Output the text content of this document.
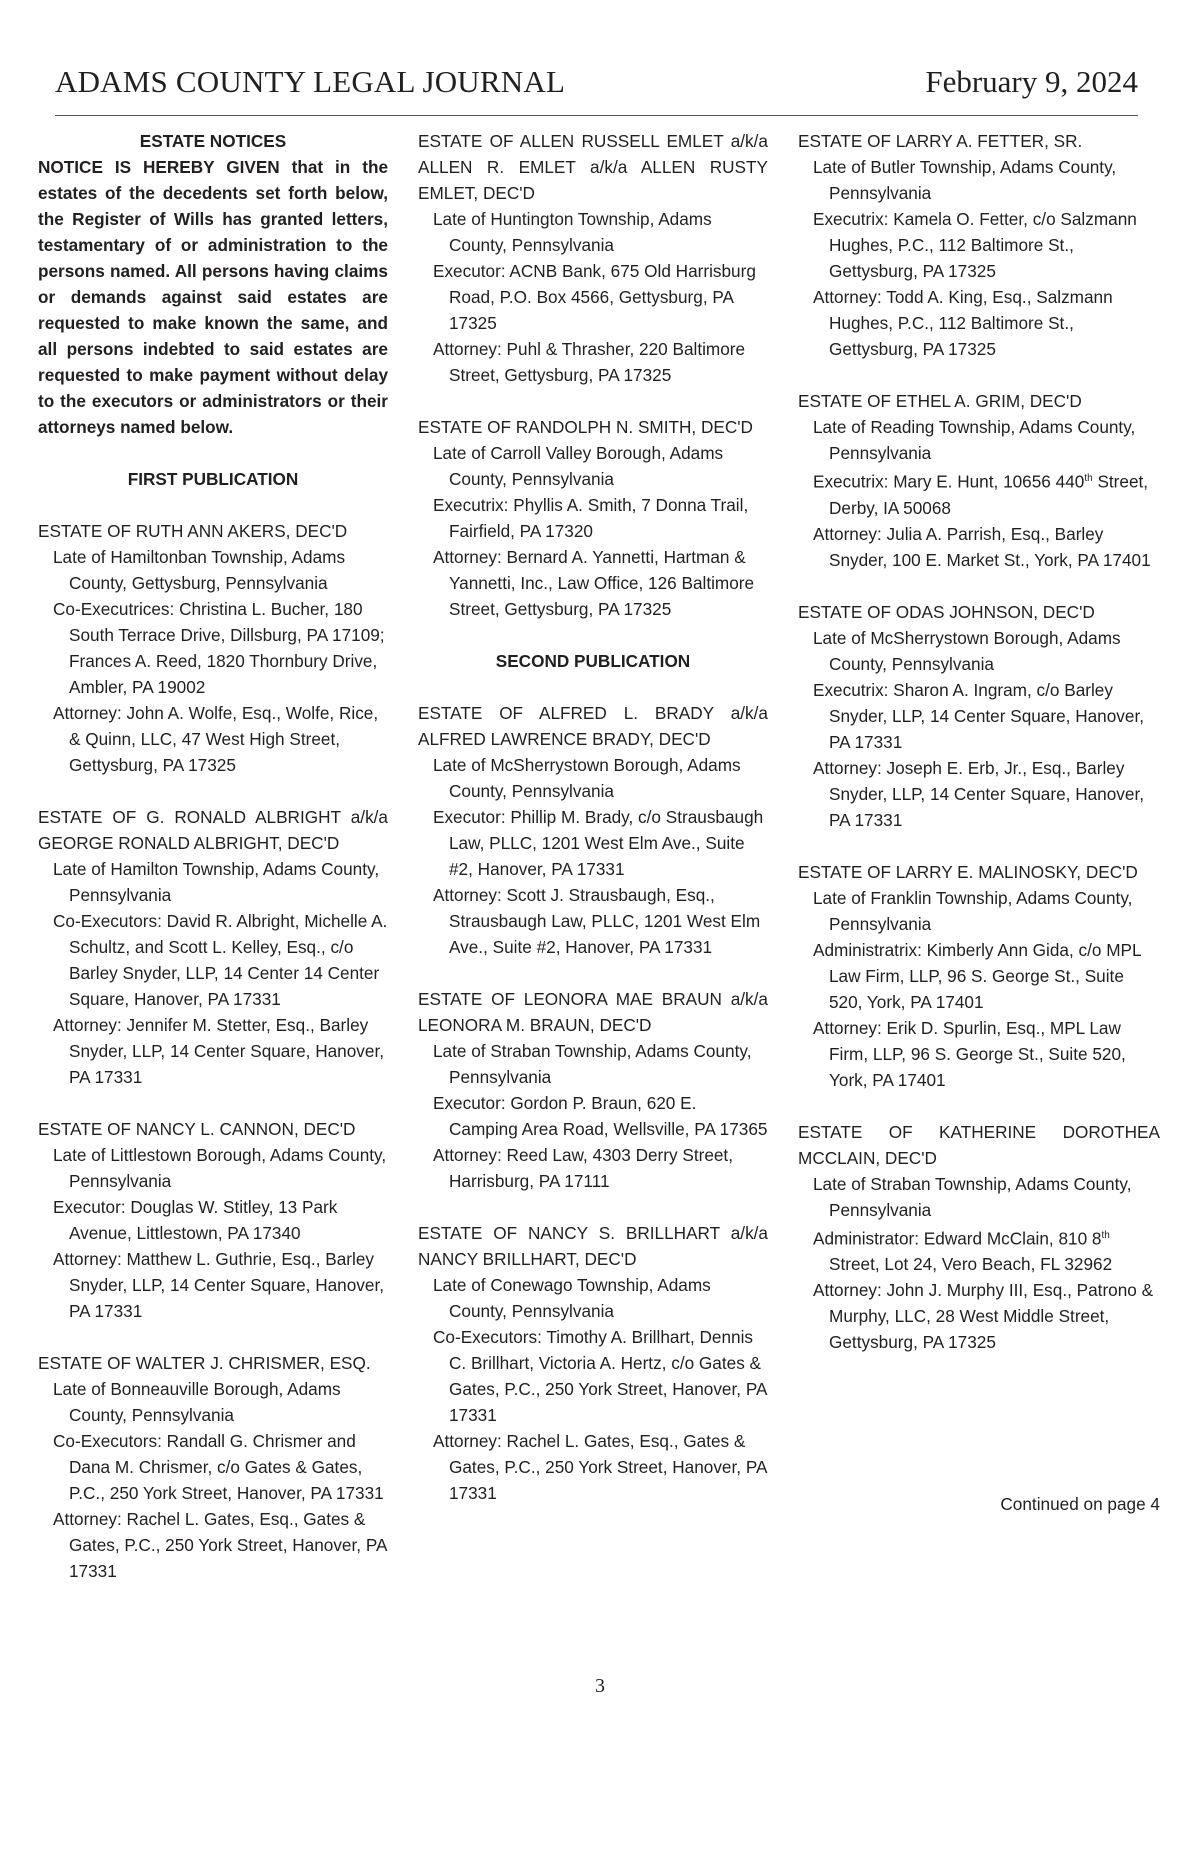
ADAMS COUNTY LEGAL JOURNAL	February 9, 2024
ESTATE NOTICES
NOTICE IS HEREBY GIVEN that in the estates of the decedents set forth below, the Register of Wills has granted letters, testamentary of or administration to the persons named. All persons having claims or demands against said estates are requested to make known the same, and all persons indebted to said estates are requested to make payment without delay to the executors or administrators or their attorneys named below.
FIRST PUBLICATION
ESTATE OF RUTH ANN AKERS, DEC'D
Late of Hamiltonban Township, Adams County, Gettysburg, Pennsylvania
Co-Executrices: Christina L. Bucher, 180 South Terrace Drive, Dillsburg, PA 17109; Frances A. Reed, 1820 Thornbury Drive, Ambler, PA 19002
Attorney: John A. Wolfe, Esq., Wolfe, Rice, & Quinn, LLC, 47 West High Street, Gettysburg, PA 17325
ESTATE OF G. RONALD ALBRIGHT a/k/a GEORGE RONALD ALBRIGHT, DEC'D
Late of Hamilton Township, Adams County, Pennsylvania
Co-Executors: David R. Albright, Michelle A. Schultz, and Scott L. Kelley, Esq., c/o Barley Snyder, LLP, 14 Center 14 Center Square, Hanover, PA 17331
Attorney: Jennifer M. Stetter, Esq., Barley Snyder, LLP, 14 Center Square, Hanover, PA 17331
ESTATE OF NANCY L. CANNON, DEC'D
Late of Littlestown Borough, Adams County, Pennsylvania
Executor: Douglas W. Stitley, 13 Park Avenue, Littlestown, PA 17340
Attorney: Matthew L. Guthrie, Esq., Barley Snyder, LLP, 14 Center Square, Hanover, PA 17331
ESTATE OF WALTER J. CHRISMER, ESQ.
Late of Bonneauville Borough, Adams County, Pennsylvania
Co-Executors: Randall G. Chrismer and Dana M. Chrismer, c/o Gates & Gates, P.C., 250 York Street, Hanover, PA 17331
Attorney: Rachel L. Gates, Esq., Gates & Gates, P.C., 250 York Street, Hanover, PA 17331
ESTATE OF ALLEN RUSSELL EMLET a/k/a ALLEN R. EMLET a/k/a ALLEN RUSTY EMLET, DEC'D
Late of Huntington Township, Adams County, Pennsylvania
Executor: ACNB Bank, 675 Old Harrisburg Road, P.O. Box 4566, Gettysburg, PA 17325
Attorney: Puhl & Thrasher, 220 Baltimore Street, Gettysburg, PA 17325
ESTATE OF RANDOLPH N. SMITH, DEC'D
Late of Carroll Valley Borough, Adams County, Pennsylvania
Executrix: Phyllis A. Smith, 7 Donna Trail, Fairfield, PA 17320
Attorney: Bernard A. Yannetti, Hartman & Yannetti, Inc., Law Office, 126 Baltimore Street, Gettysburg, PA 17325
SECOND PUBLICATION
ESTATE OF ALFRED L. BRADY a/k/a ALFRED LAWRENCE BRADY, DEC'D
Late of McSherrystown Borough, Adams County, Pennsylvania
Executor: Phillip M. Brady, c/o Strausbaugh Law, PLLC, 1201 West Elm Ave., Suite #2, Hanover, PA 17331
Attorney: Scott J. Strausbaugh, Esq., Strausbaugh Law, PLLC, 1201 West Elm Ave., Suite #2, Hanover, PA 17331
ESTATE OF LEONORA MAE BRAUN a/k/a LEONORA M. BRAUN, DEC'D
Late of Straban Township, Adams County, Pennsylvania
Executor: Gordon P. Braun, 620 E. Camping Area Road, Wellsville, PA 17365
Attorney: Reed Law, 4303 Derry Street, Harrisburg, PA 17111
ESTATE OF NANCY S. BRILLHART a/k/a NANCY BRILLHART, DEC'D
Late of Conewago Township, Adams County, Pennsylvania
Co-Executors: Timothy A. Brillhart, Dennis C. Brillhart, Victoria A. Hertz, c/o Gates & Gates, P.C., 250 York Street, Hanover, PA 17331
Attorney: Rachel L. Gates, Esq., Gates & Gates, P.C., 250 York Street, Hanover, PA 17331
ESTATE OF LARRY A. FETTER, SR.
Late of Butler Township, Adams County, Pennsylvania
Executrix: Kamela O. Fetter, c/o Salzmann Hughes, P.C., 112 Baltimore St., Gettysburg, PA 17325
Attorney: Todd A. King, Esq., Salzmann Hughes, P.C., 112 Baltimore St., Gettysburg, PA 17325
ESTATE OF ETHEL A. GRIM, DEC'D
Late of Reading Township, Adams County, Pennsylvania
Executrix: Mary E. Hunt, 10656 440th Street, Derby, IA 50068
Attorney: Julia A. Parrish, Esq., Barley Snyder, 100 E. Market St., York, PA 17401
ESTATE OF ODAS JOHNSON, DEC'D
Late of McSherrystown Borough, Adams County, Pennsylvania
Executrix: Sharon A. Ingram, c/o Barley Snyder, LLP, 14 Center Square, Hanover, PA 17331
Attorney: Joseph E. Erb, Jr., Esq., Barley Snyder, LLP, 14 Center Square, Hanover, PA 17331
ESTATE OF LARRY E. MALINOSKY, DEC'D
Late of Franklin Township, Adams County, Pennsylvania
Administratrix: Kimberly Ann Gida, c/o MPL Law Firm, LLP, 96 S. George St., Suite 520, York, PA 17401
Attorney: Erik D. Spurlin, Esq., MPL Law Firm, LLP, 96 S. George St., Suite 520, York, PA 17401
ESTATE OF KATHERINE DOROTHEA MCCLAIN, DEC'D
Late of Straban Township, Adams County, Pennsylvania
Administrator: Edward McClain, 810 8th Street, Lot 24, Vero Beach, FL 32962
Attorney: John J. Murphy III, Esq., Patrono & Murphy, LLC, 28 West Middle Street, Gettysburg, PA 17325
Continued on page 4
3
